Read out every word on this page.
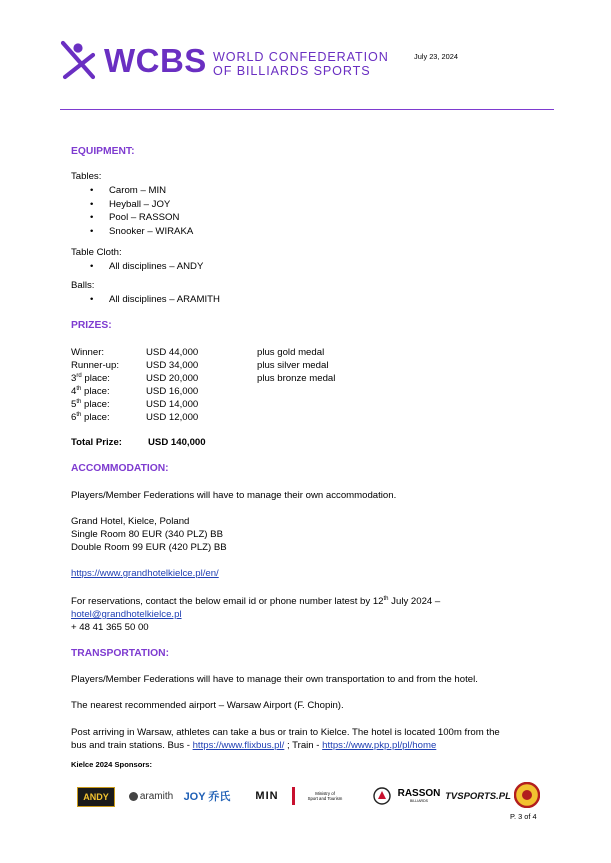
WCBS WORLD CONFEDERATION
OF BILLIARDS SPORTS
July 23, 2024
EQUIPMENT:
Tables:
• Carom – MIN
• Heyball – JOY
• Pool – RASSON
• Snooker – WIRAKA
Table Cloth:
• All disciplines – ANDY
Balls:
• All disciplines – ARAMITH
PRIZES:
Winner:	USD 44,000	plus gold medal
Runner-up:	USD 34,000	plus silver medal
3rd place:	USD 20,000	plus bronze medal
4th place:	USD 16,000
5th place:	USD 14,000
6th place:	USD 12,000
Total Prize:	USD 140,000
ACCOMMODATION:
Players/Member Federations will have to manage their own accommodation.
Grand Hotel, Kielce, Poland
Single Room 80 EUR (340 PLZ) BB
Double Room 99 EUR (420 PLZ) BB
https://www.grandhotelkielce.pl/en/
For reservations, contact the below email id or phone number latest by 12th July 2024 –
hotel@grandhotelkielce.pl
+ 48 41 365 50 00
TRANSPORTATION:
Players/Member Federations will have to manage their own transportation to and from the hotel.
The nearest recommended airport – Warsaw Airport (F. Chopin).
Post arriving in Warsaw, athletes can take a bus or train to Kielce. The hotel is located 100m from the
bus and train stations. Bus - https://www.flixbus.pl/ ; Train - https://www.pkp.pl/pl/home
Kielce 2024 Sponsors:
ANDY	aramith JOY 乔氏 MIN	Ministry of
Sport and Tourism	RASSON
BILLIARDS TVSPORTS.PL
P. 3 of 4
